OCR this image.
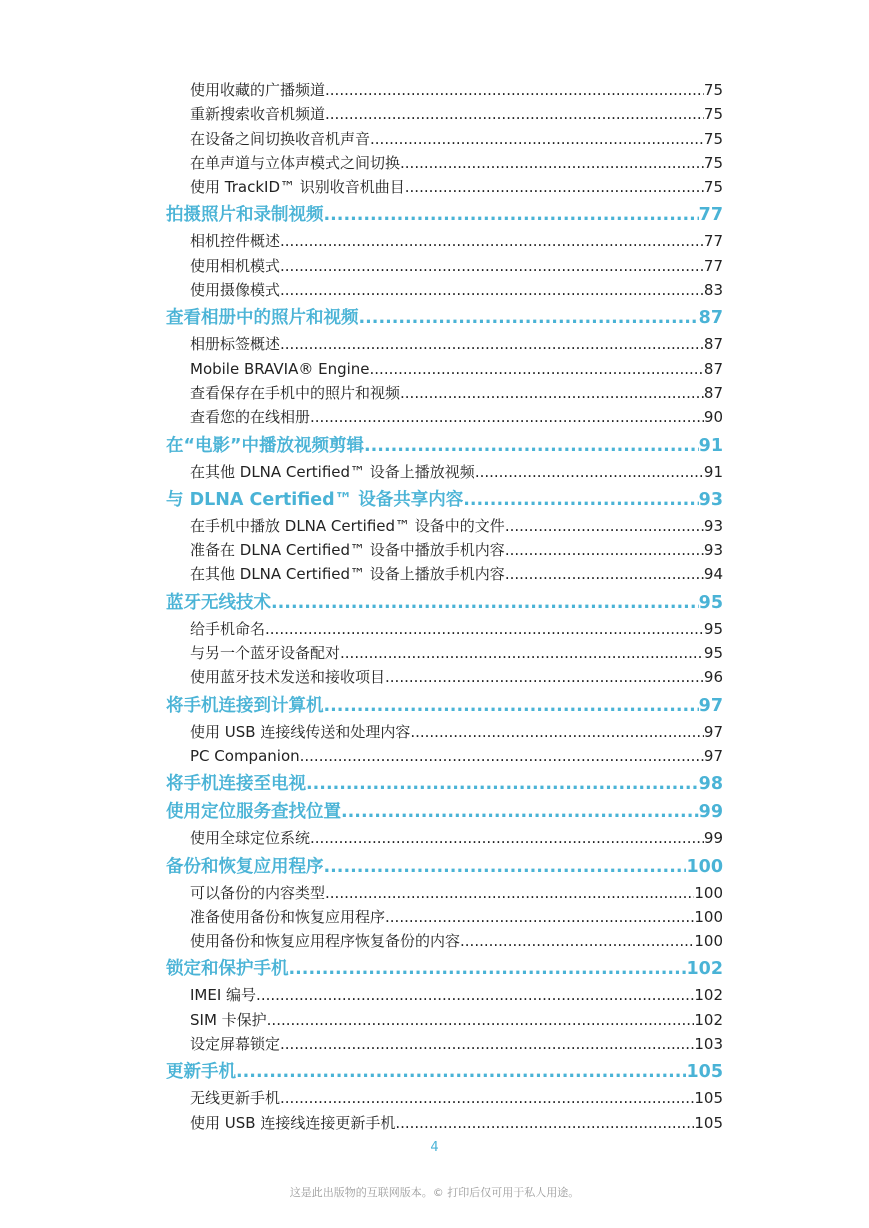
使用收藏的广播频道 .....	75
重新搜索收音机频道 .....	75
在设备之间切换收音机声音 .....	75
在单声道与立体声模式之间切换 .....	75
使用 TrackID™ 识别收音机曲目 .....	75
拍摄照片和录制视频 .....	77
相机控件概述 .....	77
使用相机模式 .....	77
使用摄像模式 .....	83
查看相册中的照片和视频 .....	87
相册标签概述 .....	87
Mobile BRAVIA® Engine .....	87
查看保存在手机中的照片和视频 .....	87
查看您的在线相册 .....	90
在“电影”中播放视频剪辑 .....	91
在其他 DLNA Certified™ 设备上播放视频 .....	91
与 DLNA Certified™ 设备共享内容 .....	93
在手机中播放 DLNA Certified™ 设备中的文件 .....	93
准备在 DLNA Certified™ 设备中播放手机内容 .....	93
在其他 DLNA Certified™ 设备上播放手机内容 .....	94
蓝牙无线技术 .....	95
给手机命名 .....	95
与另一个蓝牙设备配对 .....	95
使用蓝牙技术发送和接收项目 .....	96
将手机连接到计算机 .....	97
使用 USB 连接线传送和处理内容 .....	97
PC Companion .....	97
将手机连接至电视 .....	98
使用定位服务查找位置 .....	99
使用全球定位系统 .....	99
备份和恢复应用程序 .....	100
可以备份的内容类型 .....	100
准备使用备份和恢复应用程序 .....	100
使用备份和恢复应用程序恢复备份的内容 .....	100
锁定和保护手机 .....	102
IMEI 编号 .....	102
SIM 卡保护 .....	102
设定屏幕锁定 .....	103
更新手机 .....	105
无线更新手机 .....	105
使用 USB 连接线连接更新手机 .....	105
4
这是此出版物的互联网版本。© 打印后仅可用于私人用途。
